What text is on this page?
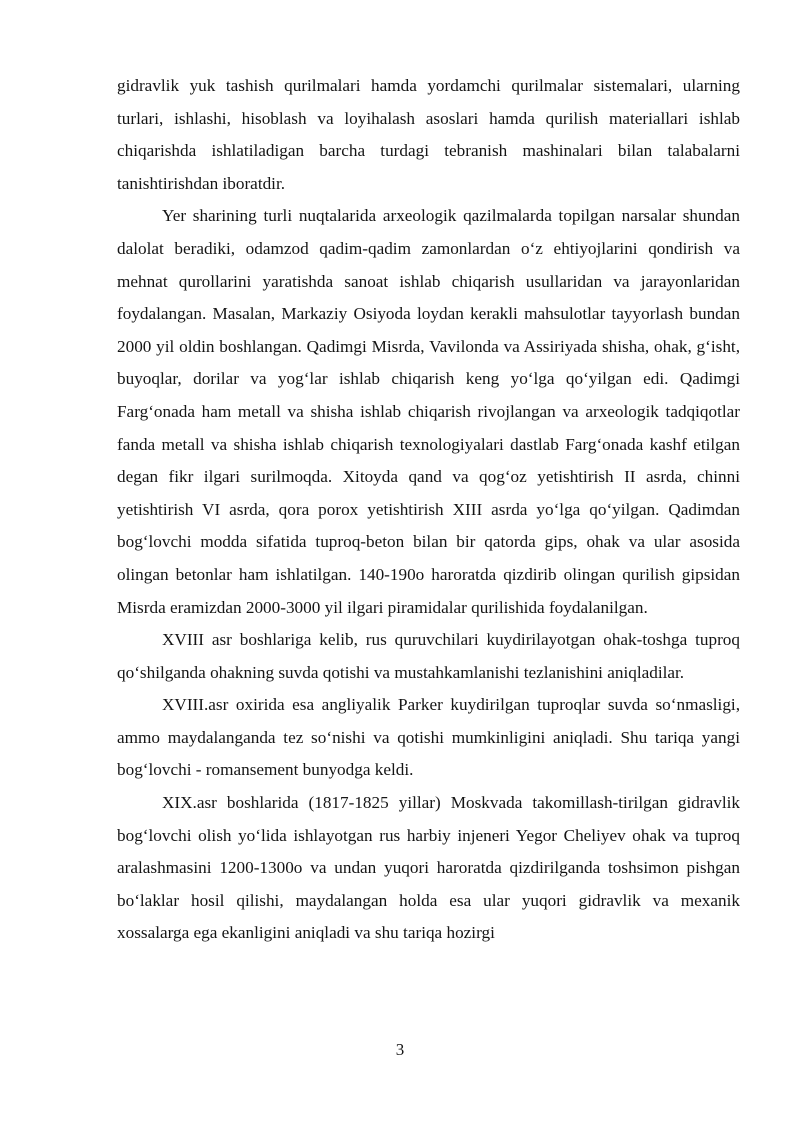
gidravlik yuk tashish qurilmalari hamda yordamchi qurilmalar sistemalari, ularning turlari, ishlashi, hisoblash va loyihalash asoslari hamda qurilish materiallari ishlab chiqarishda ishlatiladigan barcha turdagi tebranish mashinalari bilan talabalarni tanishtirishdan iboratdir.

Yer sharining turli nuqtalarida arxeologik qazilmalarda topilgan narsalar shundan dalolat beradiki, odamzod qadim-qadim zamonlardan o‘z ehtiyojlarini qondirish va mehnat qurollarini yaratishda sanoat ishlab chiqarish usullaridan va jarayonlaridan foydalangan. Masalan, Markaziy Osiyoda loydan kerakli mahsulotlar tayyorlash bundan 2000 yil oldin boshlangan. Qadimgi Misrda, Vavilonda va Assiriyada shisha, ohak, g‘isht, buyoqlar, dorilar va yog‘lar ishlab chiqarish keng yo‘lga qo‘yilgan edi. Qadimgi Farg‘onada ham metall va shisha ishlab chiqarish rivojlangan va arxeologik tadqiqotlar fanda metall va shisha ishlab chiqarish texnologiyalari dastlab Farg‘onada kashf etilgan degan fikr ilgari surilmoqda. Xitoyda qand va qog‘oz yetishtirish II asrda, chinni yetishtirish VI asrda, qora porox yetishtirish XIII asrda yo‘lga qo‘yilgan. Qadimdan bog‘lovchi modda sifatida tuproq-beton bilan bir qatorda gips, ohak va ular asosida olingan betonlar ham ishlatilgan. 140-190o haroratda qizdirib olingan qurilish gipsidan Misrda eramizdan 2000-3000 yil ilgari piramidalar qurilishida foydalanilgan.

XVIII asr boshlariga kelib, rus quruvchilari kuydirilayotgan ohak-toshga tuproq qo‘shilganda ohakning suvda qotishi va mustahkamlanishi tezlanishini aniqladilar.

XVIII.asr oxirida esa angliyalik Parker kuydirilgan tuproqlar suvda so‘nmasligi, ammo maydalanganda tez so‘nishi va qotishi mumkinligini aniqladi. Shu tariqa yangi bog‘lovchi - romansement bunyodga keldi.

XIX.asr boshlarida (1817-1825 yillar) Moskvada takomillash-tirilgan gidravlik bog‘lovchi olish yo‘lida ishlayotgan rus harbiy injeneri Yegor Cheliyev ohak va tuproq aralashmasini 1200-1300o va undan yuqori haroratda qizdirilganda toshsimon pishgan bo‘laklar hosil qilishi, maydalangan holda esa ular yuqori gidravlik va mexanik xossalarga ega ekanligini aniqladi va shu tariqa hozirgi

3
